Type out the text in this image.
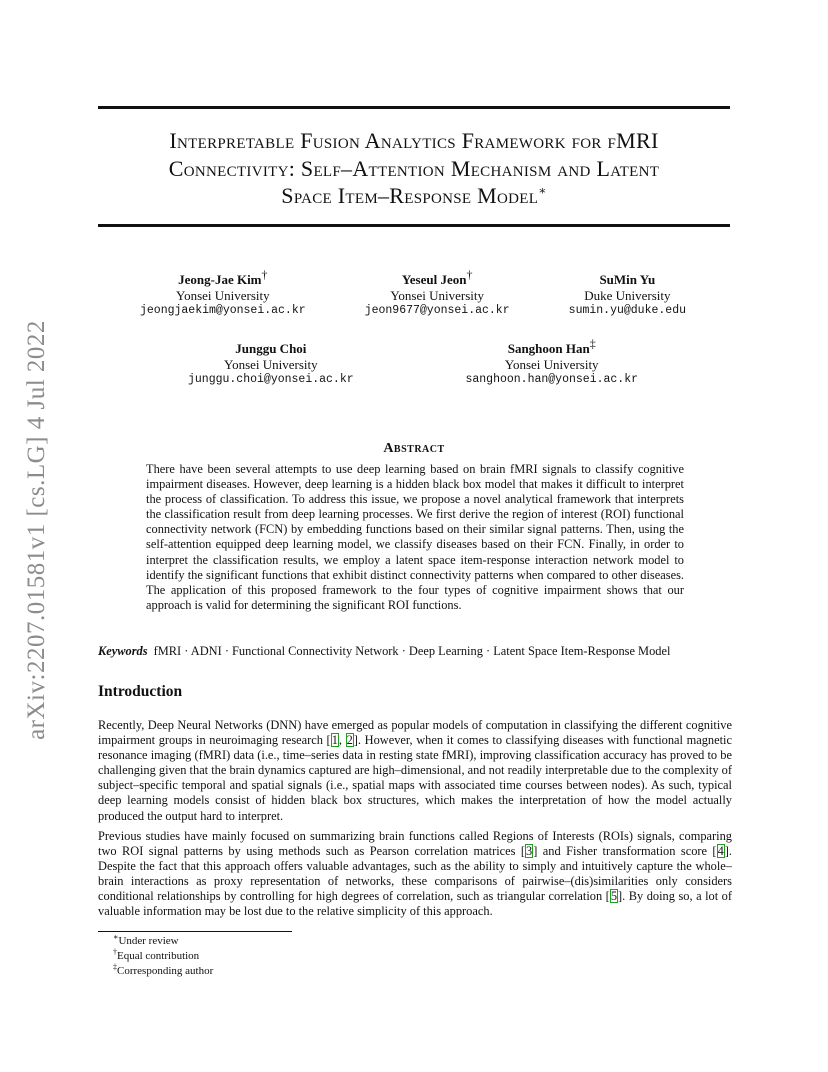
arXiv:2207.01581v1 [cs.LG] 4 Jul 2022
Interpretable Fusion Analytics Framework for fMRI
Connectivity: Self–Attention Mechanism and Latent
Space Item–Response Model∗
Jeong-Jae Kim†
Yonsei University
jeongjaekim@yonsei.ac.kr
Yeseul Jeon†
Yonsei University
jeon9677@yonsei.ac.kr
SuMin Yu
Duke University
sumin.yu@duke.edu
Junggu Choi
Yonsei University
junggu.choi@yonsei.ac.kr
Sanghoon Han‡
Yonsei University
sanghoon.han@yonsei.ac.kr
Abstract
There have been several attempts to use deep learning based on brain fMRI signals to classify cognitive impairment diseases. However, deep learning is a hidden black box model that makes it difficult to interpret the process of classification. To address this issue, we propose a novel analytical framework that interprets the classification result from deep learning processes. We first derive the region of interest (ROI) functional connectivity network (FCN) by embedding functions based on their similar signal patterns. Then, using the self-attention equipped deep learning model, we classify diseases based on their FCN. Finally, in order to interpret the classification results, we employ a latent space item-response interaction network model to identify the significant functions that exhibit distinct connectivity patterns when compared to other diseases. The application of this proposed framework to the four types of cognitive impairment shows that our approach is valid for determining the significant ROI functions.
Keywords fMRI · ADNI · Functional Connectivity Network · Deep Learning · Latent Space Item-Response Model
Introduction
Recently, Deep Neural Networks (DNN) have emerged as popular models of computation in classifying the different cognitive impairment groups in neuroimaging research [1, 2]. However, when it comes to classifying diseases with functional magnetic resonance imaging (fMRI) data (i.e., time–series data in resting state fMRI), improving classification accuracy has proved to be challenging given that the brain dynamics captured are high–dimensional, and not readily interpretable due to the complexity of subject–specific temporal and spatial signals (i.e., spatial maps with associated time courses between nodes). As such, typical deep learning models consist of hidden black box structures, which makes the interpretation of how the model actually produced the output hard to interpret.
Previous studies have mainly focused on summarizing brain functions called Regions of Interests (ROIs) signals, comparing two ROI signal patterns by using methods such as Pearson correlation matrices [3] and Fisher transformation score [4]. Despite the fact that this approach offers valuable advantages, such as the ability to simply and intuitively capture the whole–brain interactions as proxy representation of networks, these comparisons of pairwise–(dis)similarities only considers conditional relationships by controlling for high degrees of correlation, such as triangular correlation [5]. By doing so, a lot of valuable information may be lost due to the relative simplicity of this approach.
∗Under review
†Equal contribution
‡Corresponding author
